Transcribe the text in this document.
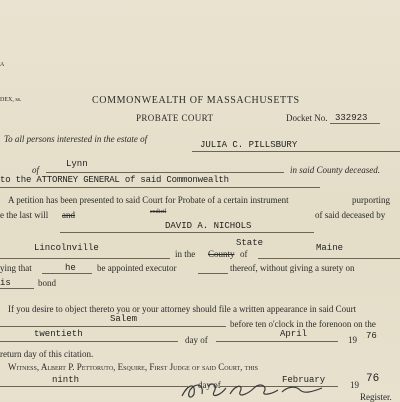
A
DEX, ss.	COMMONWEALTH OF MASSACHUSETTS
PROBATE COURT	Docket No. 332923
To all persons interested in the estate of
JULIA C. PILLSBURY
of
Lynn
in said County deceased.
to the ATTORNEY GENERAL of said Commonwealth
A petition has been presented to said Court for Probate of a certain instrument	purporting
e the last will and	codicil	of said deceased by
DAVID A. NICHOLS
State
Lincolnville
in the County of
Maine
ying that	he be appointed executor	thereof, without giving a surety on
is	bond
If you desire to object thereto you or your attorney should file a written appearance in said Court
Salem	before ten o'clock in the forenoon on the
twentieth
day of
April
19 76
return day of this citation.
Witness, Albert P. Pettoruto, Esquire, First Judge of said Court, this
ninth	day of	February	19 76
Register.
